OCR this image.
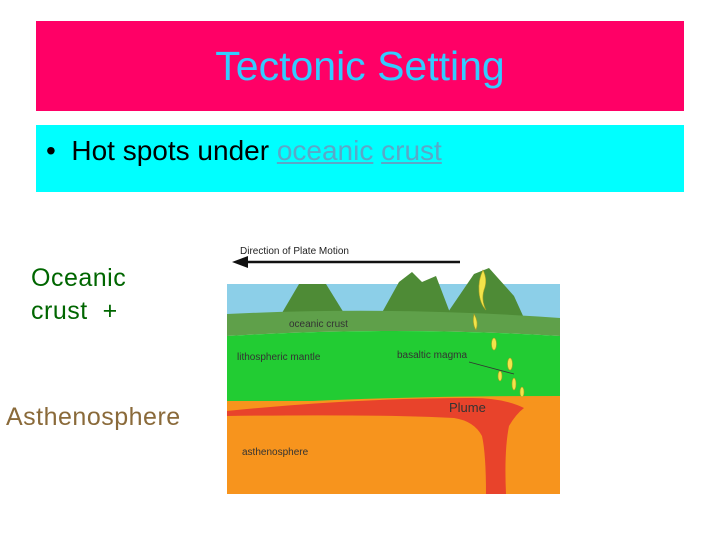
Tectonic Setting
• Hot spots under oceanic crust
Oceanic
crust  +
Asthenosphere
Direction of Plate Motion
oceanic crust
lithospheric mantle	basaltic magma
Plume
asthenosphere
